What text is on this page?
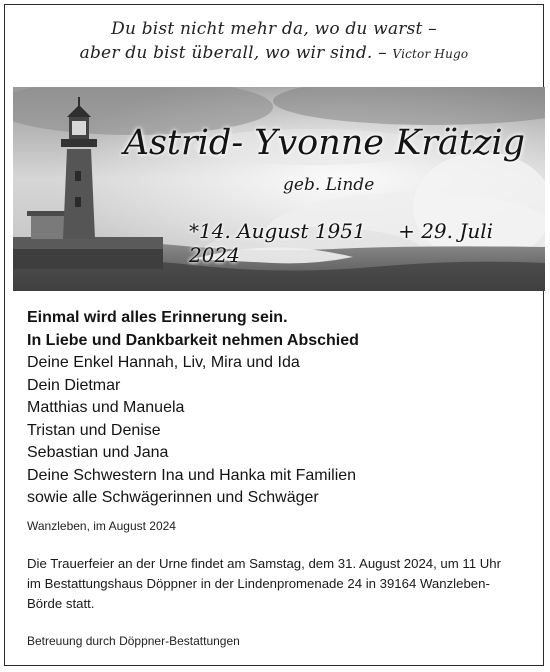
Du bist nicht mehr da, wo du warst –
aber du bist überall, wo wir sind. – Victor Hugo
Astrid- Yvonne Krätzig
geb. Linde
*14. August 1951 + 29. Juli 2024
Einmal wird alles Erinnerung sein.
In Liebe und Dankbarkeit nehmen Abschied
Deine Enkel Hannah, Liv, Mira und Ida
Dein Dietmar
Matthias und Manuela
Tristan und Denise
Sebastian und Jana
Deine Schwestern Ina und Hanka mit Familien
sowie alle Schwägerinnen und Schwäger
Wanzleben, im August 2024
Die Trauerfeier an der Urne findet am Samstag, dem 31. August 2024, um 11 Uhr
im Bestattungshaus Döppner in der Lindenpromenade 24 in 39164 Wanzleben-
Börde statt.
Betreuung durch Döppner-Bestattungen
